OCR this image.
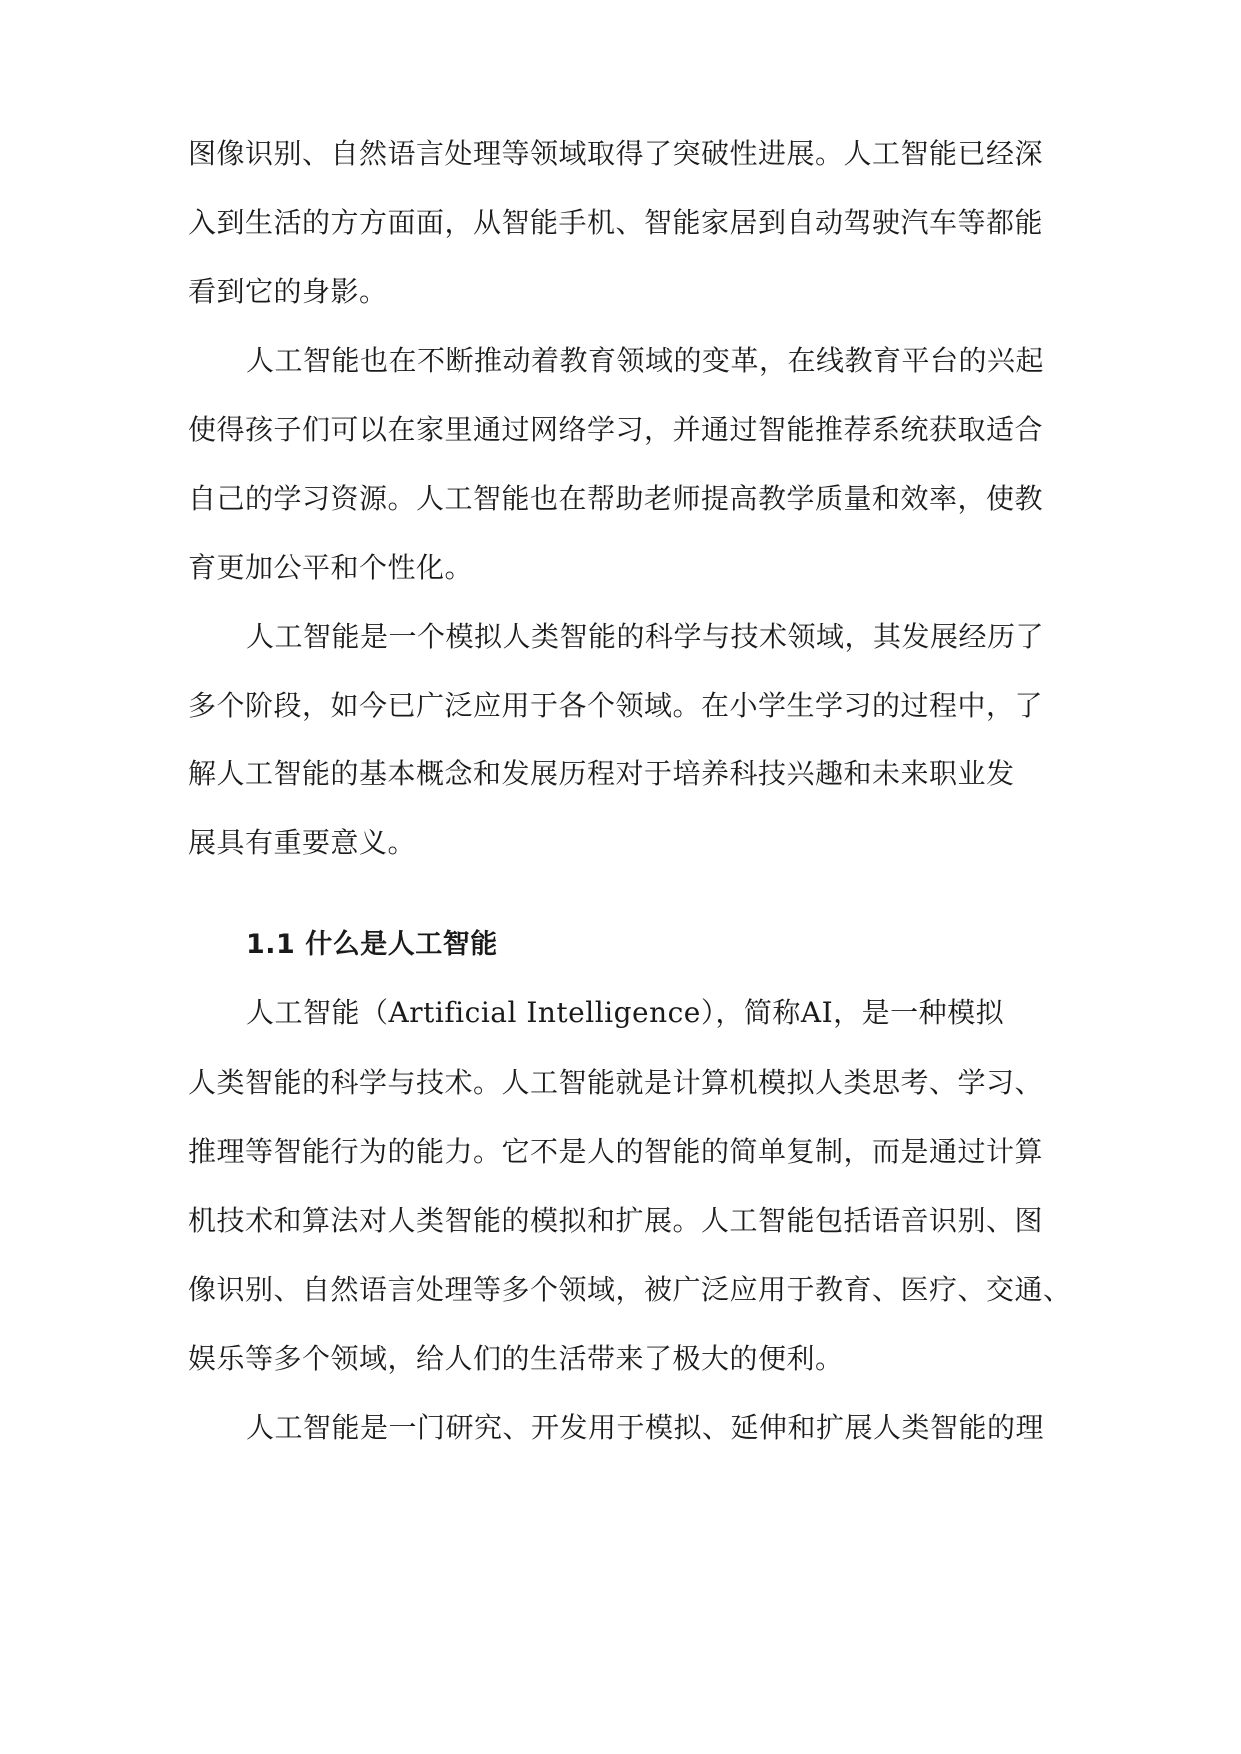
图像识别、自然语言处理等领域取得了突破性进展。人工智能已经深
入到生活的方方面面，从智能手机、智能家居到自动驾驶汽车等都能
看到它的身影。
人工智能也在不断推动着教育领域的变革，在线教育平台的兴起
使得孩子们可以在家里通过网络学习，并通过智能推荐系统获取适合
自己的学习资源。人工智能也在帮助老师提高教学质量和效率，使教
育更加公平和个性化。
人工智能是一个模拟人类智能的科学与技术领域，其发展经历了
多个阶段，如今已广泛应用于各个领域。在小学生学习的过程中，了
解人工智能的基本概念和发展历程对于培养科技兴趣和未来职业发
展具有重要意义。
1.1 什么是人工智能
人工智能（Artificial Intelligence），简称AI，是一种模拟
人类智能的科学与技术。人工智能就是计算机模拟人类思考、学习、
推理等智能行为的能力。它不是人的智能的简单复制，而是通过计算
机技术和算法对人类智能的模拟和扩展。人工智能包括语音识别、图
像识别、自然语言处理等多个领域，被广泛应用于教育、医疗、交通、
娱乐等多个领域，给人们的生活带来了极大的便利。
人工智能是一门研究、开发用于模拟、延伸和扩展人类智能的理
